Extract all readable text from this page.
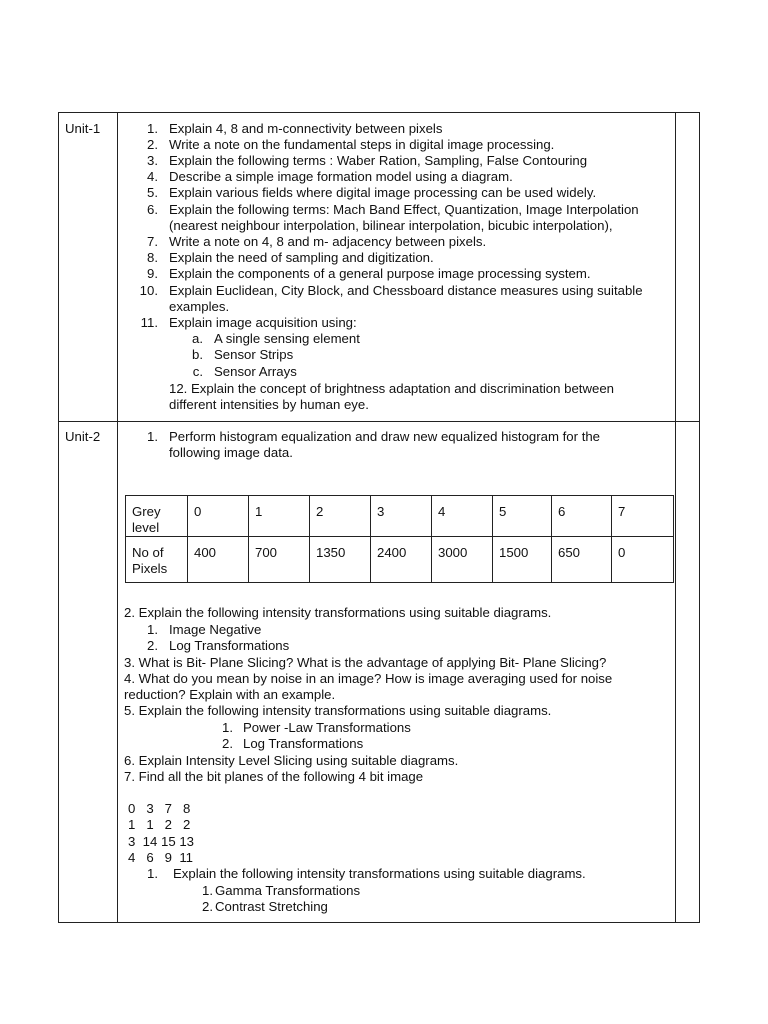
Unit-1	1. Explain 4, 8 and m-connectivity between pixels
2. Write a note on the fundamental steps in digital image processing.
3. Explain the following terms : Waber Ration, Sampling, False Contouring
4. Describe a simple image formation model using a diagram.
5. Explain various fields where digital image processing can be used widely.
6. Explain the following terms: Mach Band Effect, Quantization, Image Interpolation
(nearest neighbour interpolation, bilinear interpolation, bicubic interpolation),
7. Write a note on 4, 8 and m- adjacency between pixels.
8. Explain the need of sampling and digitization.
9. Explain the components of a general purpose image processing system.
10. Explain Euclidean, City Block, and Chessboard distance measures using suitable
examples.
11. Explain image acquisition using:
a. A single sensing element
b. Sensor Strips
c. Sensor Arrays
12. Explain the concept of brightness adaptation and discrimination between
different intensities by human eye.
Unit-2	1. Perform histogram equalization and draw new equalized histogram for the
following image data.
Grey
level	0	1	2	3	4	5	6	7
No of
Pixels	400	700	1350	2400	3000	1500	650	0
2. Explain the following intensity transformations using suitable diagrams.
1. Image Negative
2. Log Transformations
3. What is Bit- Plane Slicing? What is the advantage of applying Bit- Plane Slicing?
4. What do you mean by noise in an image? How is image averaging used for noise
reduction? Explain with an example.
5. Explain the following intensity transformations using suitable diagrams.
1. Power -Law Transformations
2. Log Transformations
6. Explain Intensity Level Slicing using suitable diagrams.
7. Find all the bit planes of the following 4 bit image
0   3   7   8
1   1   2   2
3  14 15 13
4   6   9  11
1. Explain the following intensity transformations using suitable diagrams.
1. Gamma Transformations
2. Contrast Stretching
